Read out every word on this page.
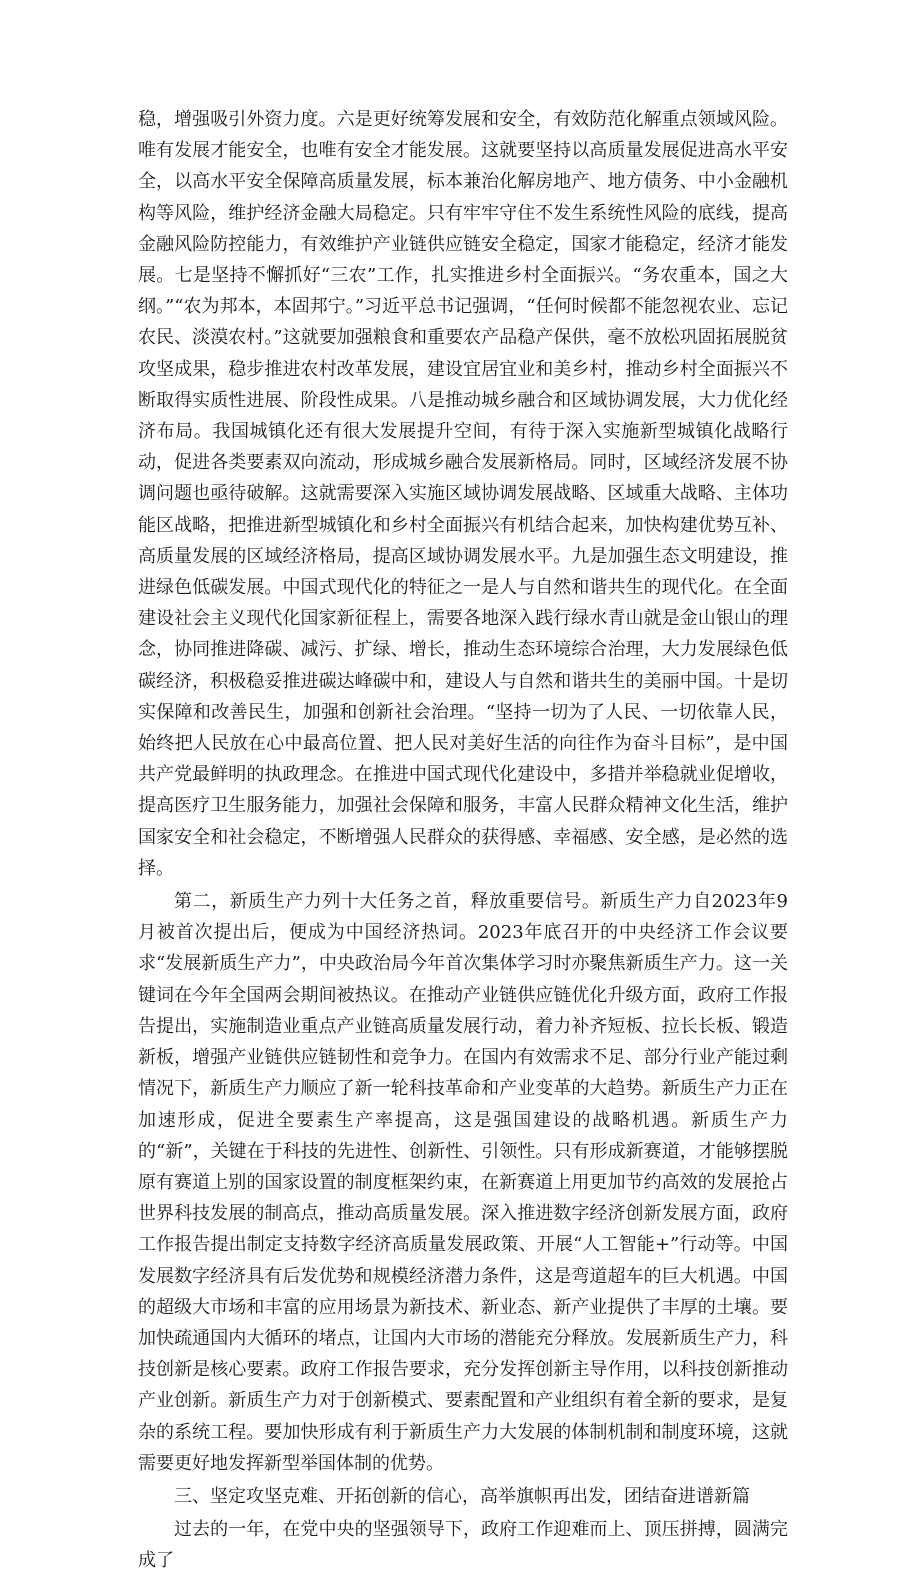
稳，增强吸引外资力度。六是更好统筹发展和安全，有效防范化解重点领域风险。唯有发展才能安全，也唯有安全才能发展。这就要坚持以高质量发展促进高水平安全，以高水平安全保障高质量发展，标本兼治化解房地产、地方债务、中小金融机构等风险，维护经济金融大局稳定。只有牢牢守住不发生系统性风险的底线，提高金融风险防控能力，有效维护产业链供应链安全稳定，国家才能稳定，经济才能发展。七是坚持不懈抓好“三农”工作，扎实推进乡村全面振兴。“务农重本，国之大纲。”“农为邦本，本固邦宁。”习近平总书记强调，“任何时候都不能忽视农业、忘记农民、淡漠农村。”这就要加强粮食和重要农产品稳产保供，毫不放松巩固拓展脱贫攻坚成果，稳步推进农村改革发展，建设宜居宜业和美乡村，推动乡村全面振兴不断取得实质性进展、阶段性成果。八是推动城乡融合和区域协调发展，大力优化经济布局。我国城镇化还有很大发展提升空间，有待于深入实施新型城镇化战略行动，促进各类要素双向流动，形成城乡融合发展新格局。同时，区域经济发展不协调问题也亟待破解。这就需要深入实施区域协调发展战略、区域重大战略、主体功能区战略，把推进新型城镇化和乡村全面振兴有机结合起来，加快构建优势互补、高质量发展的区域经济格局，提高区域协调发展水平。九是加强生态文明建设，推进绿色低碳发展。中国式现代化的特征之一是人与自然和谐共生的现代化。在全面建设社会主义现代化国家新征程上，需要各地深入践行绿水青山就是金山银山的理念，协同推进降碳、减污、扩绿、增长，推动生态环境综合治理，大力发展绿色低碳经济，积极稳妥推进碳达峰碳中和，建设人与自然和谐共生的美丽中国。十是切实保障和改善民生，加强和创新社会治理。“坚持一切为了人民、一切依靠人民，始终把人民放在心中最高位置、把人民对美好生活的向往作为奋斗目标”，是中国共产党最鲜明的执政理念。在推进中国式现代化建设中，多措并举稳就业促增收，提高医疗卫生服务能力，加强社会保障和服务，丰富人民群众精神文化生活，维护国家安全和社会稳定，不断增强人民群众的获得感、幸福感、安全感，是必然的选择。

第二，新质生产力列十大任务之首，释放重要信号。新质生产力自2023年9月被首次提出后，便成为中国经济热词。2023年底召开的中央经济工作会议要求“发展新质生产力”，中央政治局今年首次集体学习时亦聚焦新质生产力。这一关键词在今年全国两会期间被热议。在推动产业链供应链优化升级方面，政府工作报告提出，实施制造业重点产业链高质量发展行动，着力补齐短板、拉长长板、锻造新板，增强产业链供应链韧性和竞争力。在国内有效需求不足、部分行业产能过剩情况下，新质生产力顺应了新一轮科技革命和产业变革的大趋势。新质生产力正在加速形成，促进全要素生产率提高，这是强国建设的战略机遇。新质生产力的“新”，关键在于科技的先进性、创新性、引领性。只有形成新赛道，才能够摆脱原有赛道上别的国家设置的制度框架约束，在新赛道上用更加节约高效的发展抢占世界科技发展的制高点，推动高质量发展。深入推进数字经济创新发展方面，政府工作报告提出制定支持数字经济高质量发展政策、开展“人工智能+”行动等。中国发展数字经济具有后发优势和规模经济潜力条件，这是弯道超车的巨大机遇。中国的超级大市场和丰富的应用场景为新技术、新业态、新产业提供了丰厚的土壤。要加快疏通国内大循环的堵点，让国内大市场的潜能充分释放。发展新质生产力，科技创新是核心要素。政府工作报告要求，充分发挥创新主导作用，以科技创新推动产业创新。新质生产力对于创新模式、要素配置和产业组织有着全新的要求，是复杂的系统工程。要加快形成有利于新质生产力大发展的体制机制和制度环境，这就需要更好地发挥新型举国体制的优势。

三、坚定攻坚克难、开拓创新的信心，高举旗帜再出发，团结奋进谱新篇

过去的一年，在党中央的坚强领导下，政府工作迎难而上、顶压拼搏，圆满完成了
